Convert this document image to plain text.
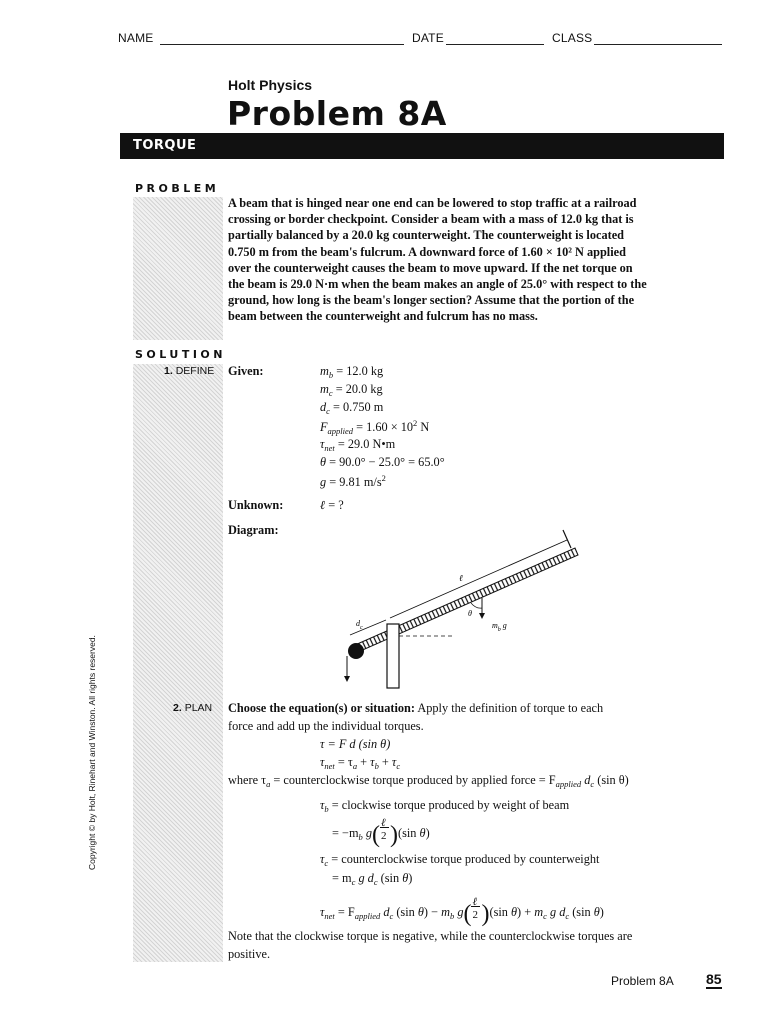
NAME	DATE	CLASS
Holt Physics
Problem 8A
TORQUE
PROBLEM
A beam that is hinged near one end can be lowered to stop traffic at a railroad crossing or border checkpoint. Consider a beam with a mass of 12.0 kg that is partially balanced by a 20.0 kg counterweight. The counterweight is located 0.750 m from the beam's fulcrum. A downward force of 1.60 × 10² N applied over the counterweight causes the beam to move upward. If the net torque on the beam is 29.0 N·m when the beam makes an angle of 25.0° with respect to the ground, how long is the beam's longer section? Assume that the portion of the beam between the counterweight and fulcrum has no mass.
SOLUTION
1. DEFINE Given:	$m_b = 12.0$ kg
$m_c = 20.0$ kg
$d_c = 0.750$ m
$F_{applied} = 1.60 \times 10^2$ N
$\tau_{net} = 29.0$ N•m
θ = 90.0° − 25.0° = 65.0°
g = 9.81 $m/s^2$
Unknown:	ℓ = ?
Diagram:
ℓ
$d_c$
θ
$m_b$ g
2. PLAN Choose the equation(s) or situation: Apply the definition of torque to each
force and add up the individual torques.
τ = F d (sin θ)
$\tau_{net} = \tau_a + \tau_b + \tau_c$
where $\tau_a$ = counterclockwise torque produced by applied force = $F_{applied}$ $d_c$ (sin θ)
$\tau_b$ = clockwise torque produced by weight of beam
= $-m_b$ $g( \frac{\text{ℓ}}{2} )(\sin$ θ)
$\tau_c$ = counterclockwise torque produced by counterweight
= $m_c$ g $d_c$ (sin θ)
$\tau_{net} = F_{applied}$ $d_c$ (sin $\theta) - m_b$ $g( \frac{\text{ℓ}}{2} )(\sin$ $\theta) + m_c$ g $d_c$ (sin θ)
Note that the clockwise torque is negative, while the counterclockwise torques are
positive.
Problem 8A 85
Copyright © by Holt, Rinehart and Winston. All rights reserved.
